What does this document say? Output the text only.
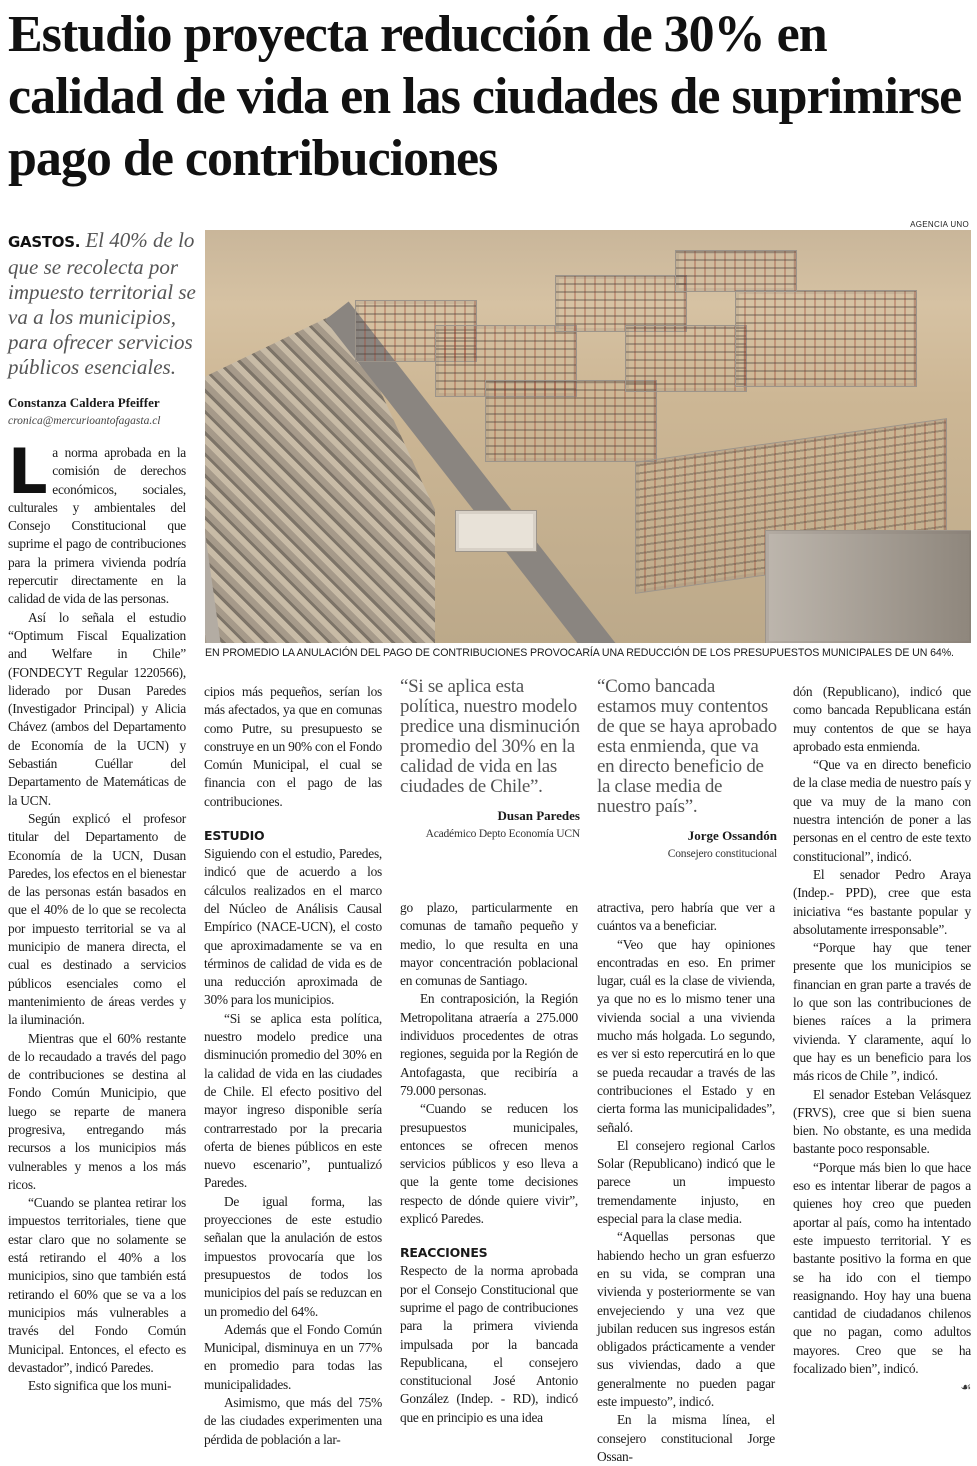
Estudio proyecta reducción de 30% en calidad de vida en las ciudades de suprimirse pago de contribuciones
AGENCIA UNO
EN PROMEDIO LA ANULACIÓN DEL PAGO DE CONTRIBUCIONES PROVOCARÍA UNA REDUCCIÓN DE LOS PRESUPUESTOS MUNICIPALES DE UN 64%.

GASTOS. El 40% de lo que se recolecta por impuesto territorial se va a los municipios, para ofrecer servicios públicos esenciales.

Constanza Caldera Pfeiffer
cronica@mercurioantofagasta.cl

La norma aprobada en la comisión de derechos económicos, sociales, culturales y ambientales del Consejo Constitucional que suprime el pago de contribuciones para la primera vivienda podría repercutir directamente en la calidad de vida de las personas.

Así lo señala el estudio “Optimum Fiscal Equalization and Welfare in Chile” (FONDECYT Regular 1220566), liderado por Dusan Paredes (Investigador Principal) y Alicia Chávez (ambos del Departamento de Economía de la UCN) y Sebastián Cuéllar del Departamento de Matemáticas de la UCN.

Según explicó el profesor titular del Departamento de Economía de la UCN, Dusan Paredes, los efectos en el bienestar de las personas están basados en que el 40% de lo que se recolecta por impuesto territorial se va al municipio de manera directa, el cual es destinado a servicios públicos esenciales como el mantenimiento de áreas verdes y la iluminación.

Mientras que el 60% restante de lo recaudado a través del pago de contribuciones se destina al Fondo Común Municipio, que luego se reparte de manera progresiva, entregando más recursos a los municipios más vulnerables y menos a los más ricos.

“Cuando se plantea retirar los impuestos territoriales, tiene que estar claro que no solamente se está retirando el 40% a los municipios, sino que también está retirando el 60% que se va a los municipios más vulnerables a través del Fondo Común Municipal. Entonces, el efecto es devastador”, indicó Paredes.

Esto significa que los muni-

cipios más pequeños, serían los más afectados, ya que en comunas como Putre, su presupuesto se construye en un 90% con el Fondo Común Municipal, el cual se financia con el pago de las contribuciones.

ESTUDIO

Siguiendo con el estudio, Paredes, indicó que de acuerdo a los cálculos realizados en el marco del Núcleo de Análisis Causal Empírico (NACE-UCN), el costo que aproximadamente se va en términos de calidad de vida es de una reducción aproximada de 30% para los municipios.

“Si se aplica esta política, nuestro modelo predice una disminución promedio del 30% en la calidad de vida en las ciudades de Chile. El efecto positivo del mayor ingreso disponible sería contrarrestado por la precaria oferta de bienes públicos en este nuevo escenario”, puntualizó Paredes.

De igual forma, las proyecciones de este estudio señalan que la anulación de estos impuestos provocaría que los presupuestos de todos los municipios del país se reduzcan en un promedio del 64%.

Además que el Fondo Común Municipal, disminuya en un 77% en promedio para todas las municipalidades.

Asimismo, que más del 75% de las ciudades experimenten una pérdida de población a lar-

“Si se aplica esta política, nuestro modelo predice una disminución promedio del 30% en la calidad de vida en las ciudades de Chile”.

Dusan Paredes
Académico Depto Economía UCN

“Como bancada estamos muy contentos de que se haya aprobado esta enmienda, que va en directo beneficio de la clase media de nuestro país”.

Jorge Ossandón
Consejero constitucional

go plazo, particularmente en comunas de tamaño pequeño y medio, lo que resulta en una mayor concentración poblacional en comunas de Santiago.

En contraposición, la Región Metropolitana atraería a 275.000 individuos procedentes de otras regiones, seguida por la Región de Antofagasta, que recibiría a 79.000 personas.

“Cuando se reducen los presupuestos municipales, entonces se ofrecen menos servicios públicos y eso lleva a que la gente tome decisiones respecto de dónde quiere vivir”, explicó Paredes.

REACCIONES

Respecto de la norma aprobada por el Consejo Constitucional que suprime el pago de contribuciones para la primera vivienda impulsada por la bancada Republicana, el consejero constitucional José Antonio González (Indep. - RD), indicó que en principio es una idea

atractiva, pero habría que ver a cuántos va a beneficiar.

“Veo que hay opiniones encontradas en eso. En primer lugar, cuál es la clase de vivienda, ya que no es lo mismo tener una vivienda social a una vivienda mucho más holgada. Lo segundo, es ver si esto repercutirá en lo que se pueda recaudar a través de las contribuciones el Estado y en cierta forma las municipalidades”, señaló.

El consejero regional Carlos Solar (Republicano) indicó que le parece un impuesto tremendamente injusto, en especial para la clase media.

“Aquellas personas que habiendo hecho un gran esfuerzo en su vida, se compran una vivienda y posteriormente se van envejeciendo y una vez que jubilan reducen sus ingresos están obligados prácticamente a vender sus viviendas, dado a que generalmente no pueden pagar este impuesto”, indicó.

En la misma línea, el consejero constitucional Jorge Ossan-

dón (Republicano), indicó que como bancada Republicana están muy contentos de que se haya aprobado esta enmienda.

“Que va en directo beneficio de la clase media de nuestro país y que va muy de la mano con nuestra intención de poner a las personas en el centro de este texto constitucional”, indicó.

El senador Pedro Araya (Indep.- PPD), cree que esta iniciativa “es bastante popular y absolutamente irresponsable”.

“Porque hay que tener presente que los municipios se financian en gran parte a través de lo que son las contribuciones de bienes raíces a la primera vivienda. Y claramente, aquí lo que hay es un beneficio para los más ricos de Chile ”, indicó.

El senador Esteban Velásquez (FRVS), cree que si bien suena bien. No obstante, es una medida bastante poco responsable.

“Porque más bien lo que hace eso es intentar liberar de pagos a quienes hoy creo que pueden aportar al país, como ha intentado este impuesto territorial. Y es bastante positivo la forma en que se ha ido con el tiempo reasignando. Hoy hay una buena cantidad de ciudadanos chilenos que no pagan, como adultos mayores. Creo que se ha focalizado bien”, indicó.

☙
